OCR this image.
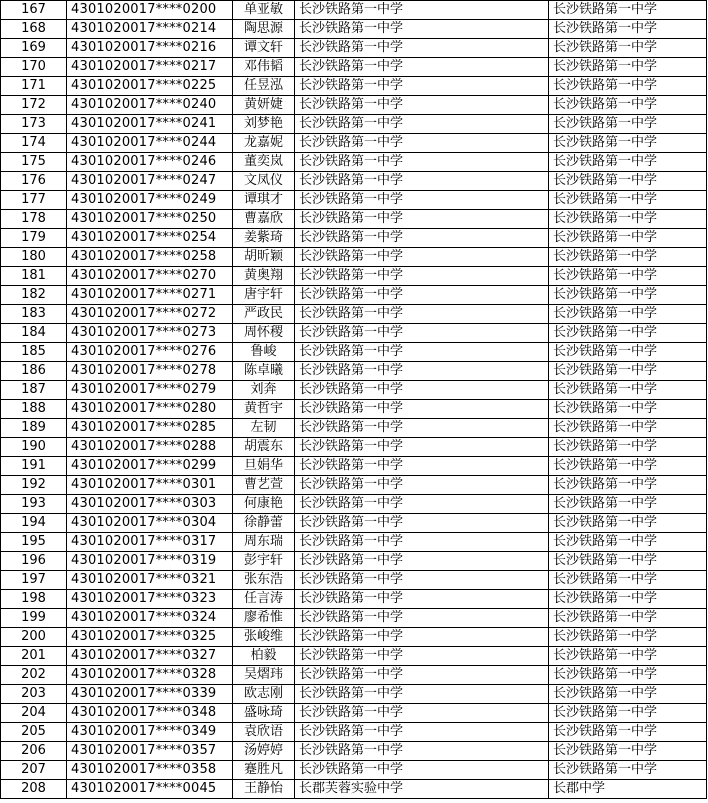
167	4301020017****0200	单亚敏	长沙铁路第一中学	长沙铁路第一中学
168	4301020017****0214	陶思源	长沙铁路第一中学	长沙铁路第一中学
169	4301020017****0216	谭文轩	长沙铁路第一中学	长沙铁路第一中学
170	4301020017****0217	邓伟韬	长沙铁路第一中学	长沙铁路第一中学
171	4301020017****0225	任昱泓	长沙铁路第一中学	长沙铁路第一中学
172	4301020017****0240	黄妍婕	长沙铁路第一中学	长沙铁路第一中学
173	4301020017****0241	刘梦艳	长沙铁路第一中学	长沙铁路第一中学
174	4301020017****0244	龙嘉妮	长沙铁路第一中学	长沙铁路第一中学
175	4301020017****0246	董奕岚	长沙铁路第一中学	长沙铁路第一中学
176	4301020017****0247	文凤仪	长沙铁路第一中学	长沙铁路第一中学
177	4301020017****0249	谭琪才	长沙铁路第一中学	长沙铁路第一中学
178	4301020017****0250	曹嘉欣	长沙铁路第一中学	长沙铁路第一中学
179	4301020017****0254	姜紫琦	长沙铁路第一中学	长沙铁路第一中学
180	4301020017****0258	胡昕颖	长沙铁路第一中学	长沙铁路第一中学
181	4301020017****0270	黄奥翔	长沙铁路第一中学	长沙铁路第一中学
182	4301020017****0271	唐宇轩	长沙铁路第一中学	长沙铁路第一中学
183	4301020017****0272	严政民	长沙铁路第一中学	长沙铁路第一中学
184	4301020017****0273	周怀稷	长沙铁路第一中学	长沙铁路第一中学
185	4301020017****0276	鲁峻	长沙铁路第一中学	长沙铁路第一中学
186	4301020017****0278	陈卓曦	长沙铁路第一中学	长沙铁路第一中学
187	4301020017****0279	刘奔	长沙铁路第一中学	长沙铁路第一中学
188	4301020017****0280	黄哲宇	长沙铁路第一中学	长沙铁路第一中学
189	4301020017****0285	左韧	长沙铁路第一中学	长沙铁路第一中学
190	4301020017****0288	胡震东	长沙铁路第一中学	长沙铁路第一中学
191	4301020017****0299	旦娟华	长沙铁路第一中学	长沙铁路第一中学
192	4301020017****0301	曹艺萱	长沙铁路第一中学	长沙铁路第一中学
193	4301020017****0303	何康艳	长沙铁路第一中学	长沙铁路第一中学
194	4301020017****0304	徐静蕾	长沙铁路第一中学	长沙铁路第一中学
195	4301020017****0317	周东瑞	长沙铁路第一中学	长沙铁路第一中学
196	4301020017****0319	彭宇轩	长沙铁路第一中学	长沙铁路第一中学
197	4301020017****0321	张东浩	长沙铁路第一中学	长沙铁路第一中学
198	4301020017****0323	任言涛	长沙铁路第一中学	长沙铁路第一中学
199	4301020017****0324	廖希惟	长沙铁路第一中学	长沙铁路第一中学
200	4301020017****0325	张峻维	长沙铁路第一中学	长沙铁路第一中学
201	4301020017****0327	柏毅	长沙铁路第一中学	长沙铁路第一中学
202	4301020017****0328	吴熠玮	长沙铁路第一中学	长沙铁路第一中学
203	4301020017****0339	欧志刚	长沙铁路第一中学	长沙铁路第一中学
204	4301020017****0348	盛咏琦	长沙铁路第一中学	长沙铁路第一中学
205	4301020017****0349	袁欣语	长沙铁路第一中学	长沙铁路第一中学
206	4301020017****0357	汤婷婷	长沙铁路第一中学	长沙铁路第一中学
207	4301020017****0358	蹇胜凡	长沙铁路第一中学	长沙铁路第一中学
208	4301020017****0045	王静怡	长郡芙蓉实验中学	长郡中学
